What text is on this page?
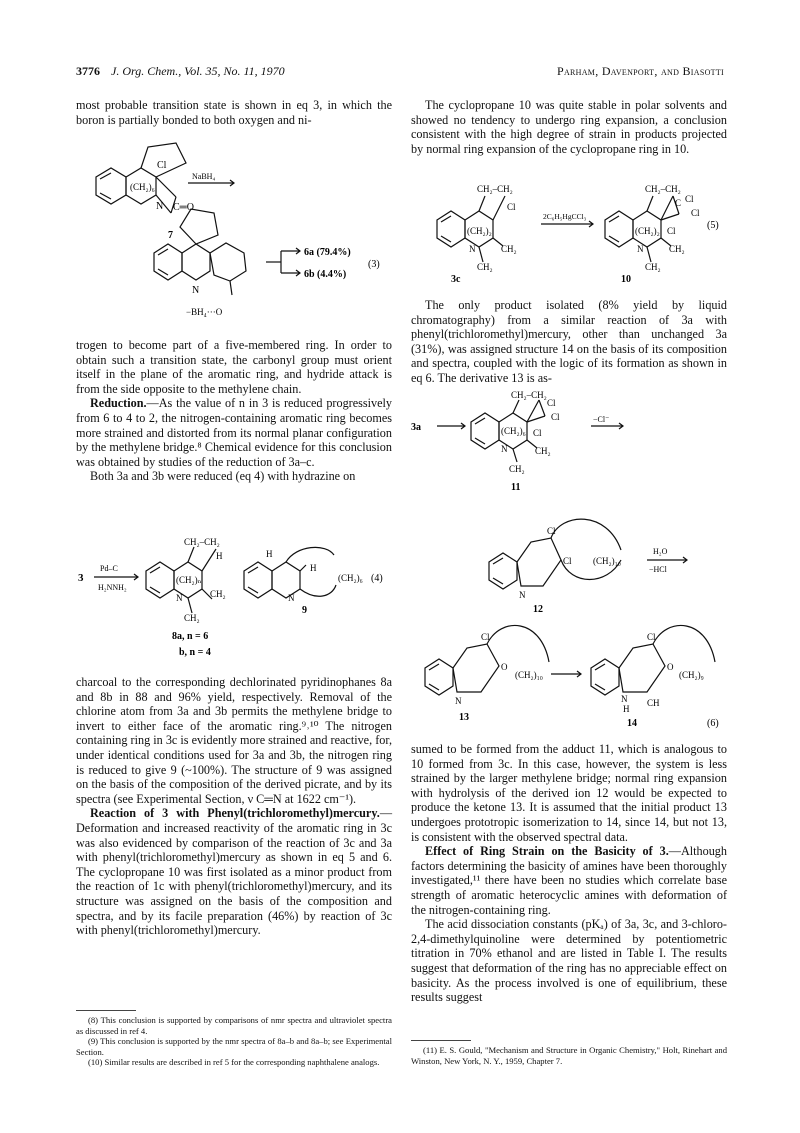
3776 J. Org. Chem., Vol. 35, No. 11, 1970	Parham, Davenport, and Biasotti

most probable transition state is shown in eq 3, in which the boron is partially bonded to both oxygen and ni-

Cl
(CH₂)₆
N C═O
7
NaBH₄
N
−BH₄···O
6a (79.4%)
6b (4.4%)
(3)

trogen to become part of a five-membered ring. In order to obtain such a transition state, the carbonyl group must orient itself in the plane of the aromatic ring, and hydride attack is from the side opposite to the methylene chain.

Reduction.—As the value of n in 3 is reduced progressively from 6 to 4 to 2, the nitrogen-containing aromatic ring becomes more strained and distorted from its normal planar configuration by the methylene bridge.⁸ Chemical evidence for this conclusion was obtained by studies of the reduction of 3a–c.

Both 3a and 3b were reduced (eq 4) with hydrazine on

3
Pd–C
H₂NNH₂
CH₂–CH₂
H
(CH₂)ₙ
CH₂
N
CH₂
H
H
(CH₂)₆
N
9
8a, n = 6
b, n = 4
(4)

charcoal to the corresponding dechlorinated pyridinophanes 8a and 8b in 88 and 96% yield, respectively. Removal of the chlorine atom from 3a and 3b permits the methylene bridge to invert to either face of the aromatic ring.⁹˒¹⁰ The nitrogen containing ring in 3c is evidently more strained and reactive, for, under identical conditions used for 3a and 3b, the nitrogen ring is reduced to give 9 (~100%). The structure of 9 was assigned on the basis of the composition of the derived picrate, and by its spectra (see Experimental Section, ν C═N at 1622 cm⁻¹).

Reaction of 3 with Phenyl(trichloromethyl)mercury.—Deformation and increased reactivity of the aromatic ring in 3c was also evidenced by comparison of the reaction of 3c and 3a with phenyl(trichloromethyl)mercury as shown in eq 5 and 6. The cyclopropane 10 was first isolated as a minor product from the reaction of 1c with phenyl(trichloromethyl)mercury, and its structure was assigned on the basis of the composition and spectra, and by its facile preparation (46%) by reaction of 3c with phenyl(trichloromethyl)mercury.

(8) This conclusion is supported by comparisons of nmr spectra and ultraviolet spectra as discussed in ref 4.

(9) This conclusion is supported by the nmr spectra of 8a–b and 8a–b; see Experimental Section.

(10) Similar results are described in ref 5 for the corresponding naphthalene analogs.

The cyclopropane 10 was quite stable in polar solvents and showed no tendency to undergo ring expansion, a conclusion consistent with the high degree of strain in products projected by normal ring expansion of the cyclopropane ring in 10.

CH₂–CH₂
Cl
(CH₂)₂
CH₂
N
CH₂
3c
2C₆H₅HgCCl₃
CH₂–CH₂
Cl
C
Cl
(CH₂)₂ Cl
CH₂
N
CH₂
10
(5)

The only product isolated (8% yield by liquid chromatography) from a similar reaction of 3a with phenyl(trichloromethyl)mercury, other than unchanged 3a (31%), was assigned structure 14 on the basis of its composition and spectra, coupled with the logic of its formation as shown in eq 6. The derivative 13 is as-

3a
CH₂–CH₂
Cl
Cl
Cl
(CH₂)₆
CH₂
N
CH₂
11
−Cl⁻
Cl
Cl (CH₂)₁₀
N
12
H₂O
−HCl
Cl
O
(CH₂)₁₀
N
13
Cl
O
(CH₂)₉
N
H
CH
14	(6)

sumed to be formed from the adduct 11, which is analogous to 10 formed from 3c. In this case, however, the system is less strained by the larger methylene bridge; normal ring expansion with hydrolysis of the derived ion 12 would be expected to produce the ketone 13. It is assumed that the initial product 13 undergoes prototropic isomerization to 14, since 14, but not 13, is consistent with the observed spectral data.

Effect of Ring Strain on the Basicity of 3.—Although factors determining the basicity of amines have been thoroughly investigated,¹¹ there have been no studies which correlate base strength of aromatic heterocyclic amines with deformation of the nitrogen-containing ring.

The acid dissociation constants (pKₐ) of 3a, 3c, and 3-chloro-2,4-dimethylquinoline were determined by potentiometric titration in 70% ethanol and are listed in Table I. The results suggest that deformation of the ring has no appreciable effect on basicity. As the process involved is one of equilibrium, these results suggest

(11) E. S. Gould, "Mechanism and Structure in Organic Chemistry," Holt, Rinehart and Winston, New York, N. Y., 1959, Chapter 7.
